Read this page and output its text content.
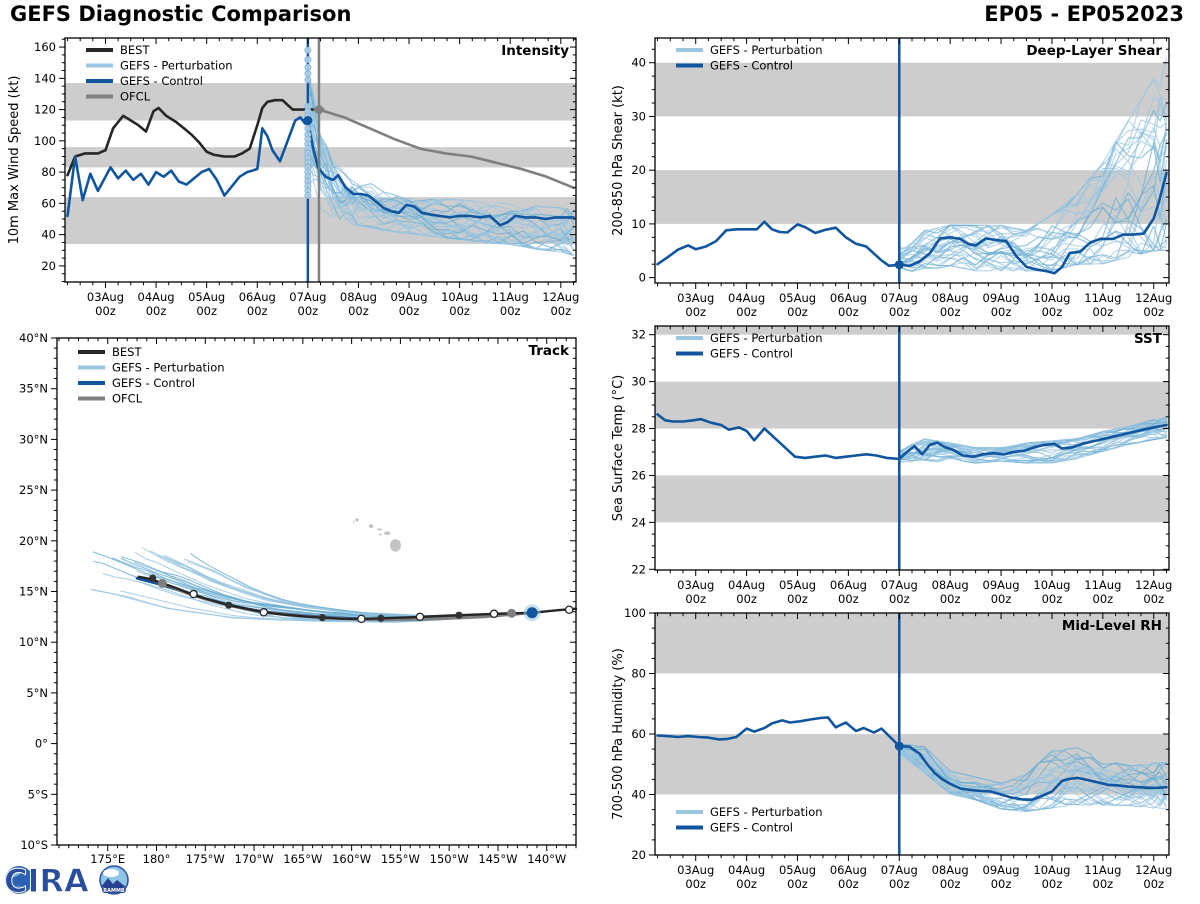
GEFS Diagnostic Comparison	EP05 - EP052023
03Aug
00z
04Aug
00z
05Aug
00z
06Aug
00z
07Aug
00z
08Aug
00z
09Aug
00z
10Aug
00z
11Aug
00z
12Aug
00z
20
40
60
80
100
120
140
160
10m Max Wind Speed (kt)
Intensity
BEST
GEFS - Perturbation
GEFS - Control
OFCL
03Aug
00z
04Aug
00z
05Aug
00z
06Aug
00z
07Aug
00z
08Aug
00z
09Aug
00z
10Aug
00z
11Aug
00z
12Aug
00z
0
10
20
30
40
200-850 hPa Shear (kt)
Deep-Layer Shear
GEFS - Perturbation
GEFS - Control
03Aug
00z
04Aug
00z
05Aug
00z
06Aug
00z
07Aug
00z
08Aug
00z
09Aug
00z
10Aug
00z
11Aug
00z
12Aug
00z
22
24
26
28
30
32
Sea Surface Temp (°C)
SST
GEFS - Perturbation
GEFS - Control
03Aug
00z
04Aug
00z
05Aug
00z
06Aug
00z
07Aug
00z
08Aug
00z
09Aug
00z
10Aug
00z
11Aug
00z
12Aug
00z
20
40
60
80
100
700-500 hPa Humidity (%)
Mid-Level RH
GEFS - Perturbation
GEFS - Control
175°E 180° 175°W 170°W 165°W 160°W 155°W 150°W 145°W 140°W
10°S
5°S
0°
5°N
10°N
15°N
20°N
25°N
30°N
35°N
40°N
Track
BEST
GEFS - Perturbation
GEFS - Control
OFCL
CIRA	RAMMB
